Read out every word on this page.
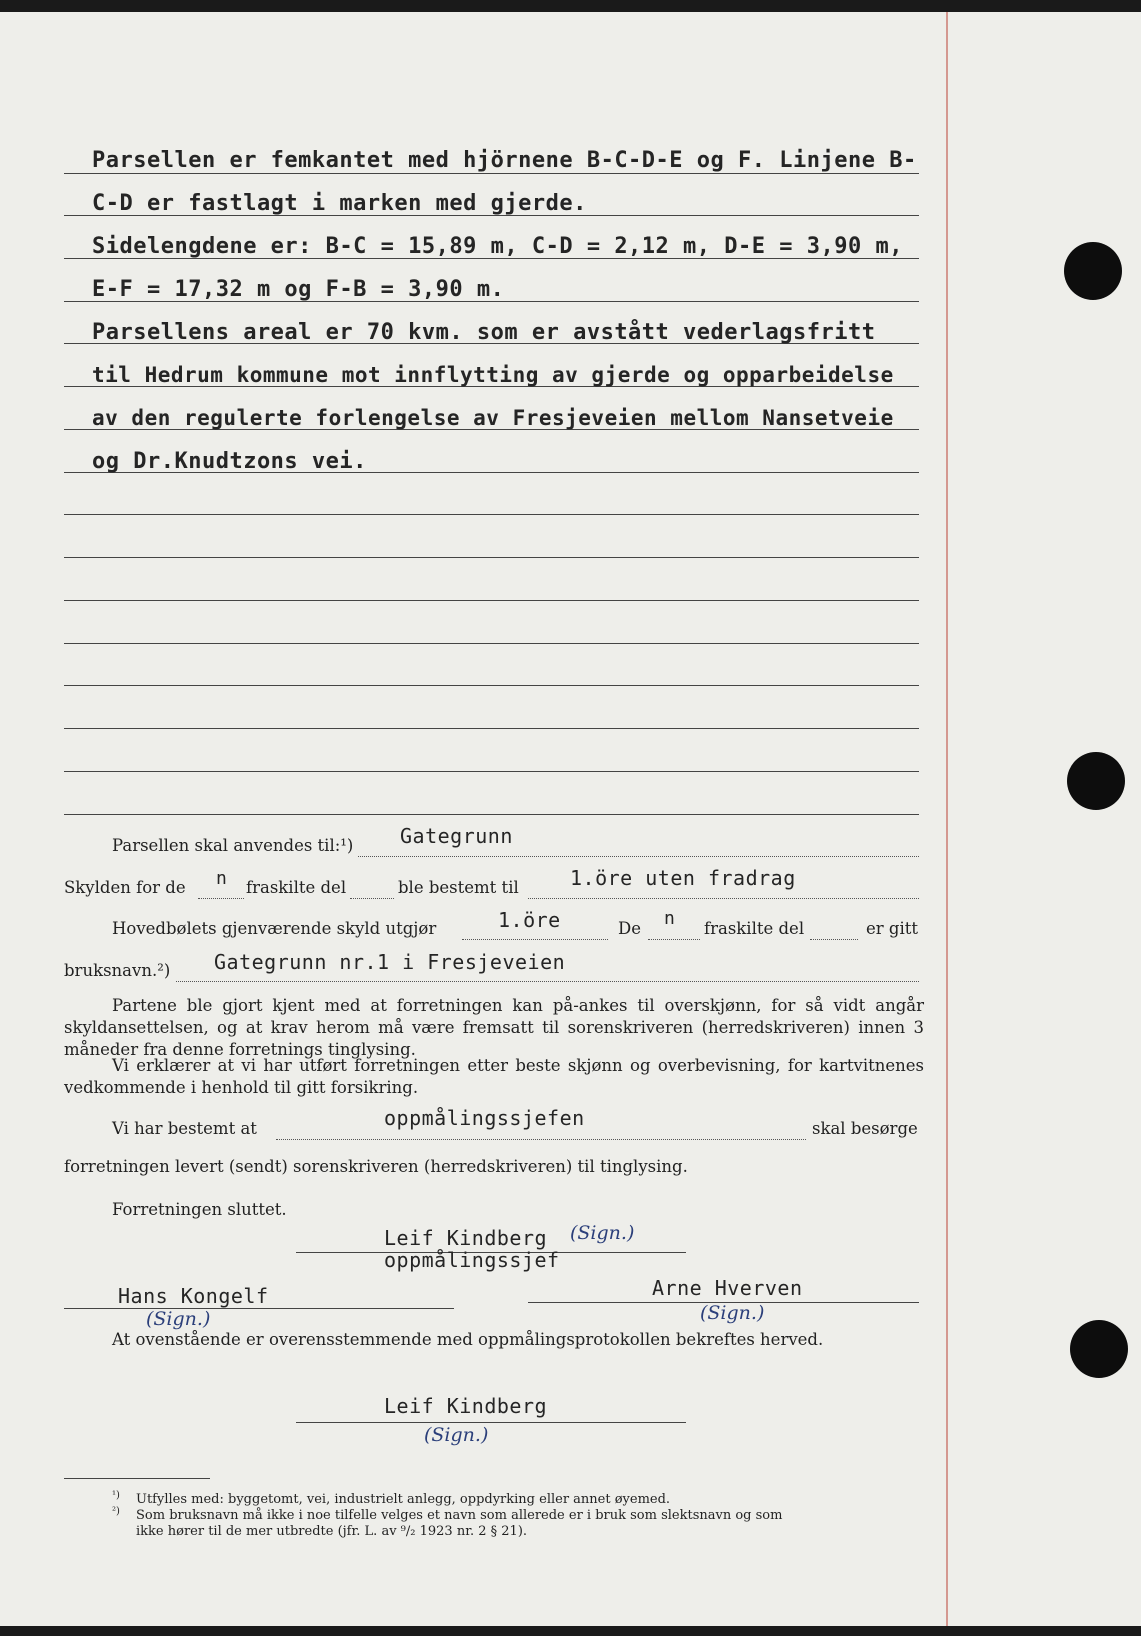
Parsellen er femkantet med hjörnene B-C-D-E og F. Linjene B-
C-D er fastlagt i marken med gjerde.
Sidelengdene er: B-C = 15,89 m, C-D = 2,12 m, D-E = 3,90 m,
E-F = 17,32 m og F-B = 3,90 m.
Parsellens areal er 70 kvm. som er avstått vederlagsfritt
til Hedrum kommune mot innflytting av gjerde og opparbeidelse
av den regulerte forlengelse av Fresjeveien mellom Nansetveie
og Dr.Knudtzons vei.
Parsellen skal anvendes til:¹) Gategrunn
Skylden for de n fraskilte del	ble bestemt til	1.öre uten fradrag
Hovedbølets gjenværende skyld utgjør	1.öre	De n fraskilte del	er gitt
bruksnavn.²) Gategrunn nr.1 i Fresjeveien
Partene ble gjort kjent med at forretningen kan på-ankes til overskjønn, for så vidt angår skyldansettelsen, og at krav herom må være fremsatt til sorenskriveren (herredskriveren) innen 3 måneder fra denne forretnings tinglysing.
Vi erklærer at vi har utført forretningen etter beste skjønn og overbevisning, for kartvitnenes vedkommende i henhold til gitt forsikring.
Vi har bestemt at	oppmålingssjefen	skal besørge
forretningen levert (sendt) sorenskriveren (herredskriveren) til tinglysing.
Forretningen sluttet.
Leif Kindberg (Sign.)
oppmålingssjef
Hans Kongelf
(Sign.)
Arne Hverven
(Sign.)
At ovenstående er overensstemmende med oppmålingsprotokollen bekreftes herved.
Leif Kindberg
(Sign.)
¹) Utfylles med: byggetomt, vei, industrielt anlegg, oppdyrking eller annet øyemed.
²) Som bruksnavn må ikke i noe tilfelle velges et navn som allerede er i bruk som slektsnavn og som
ikke hører til de mer utbredte (jfr. L. av ⁹/₂ 1923 nr. 2 § 21).
